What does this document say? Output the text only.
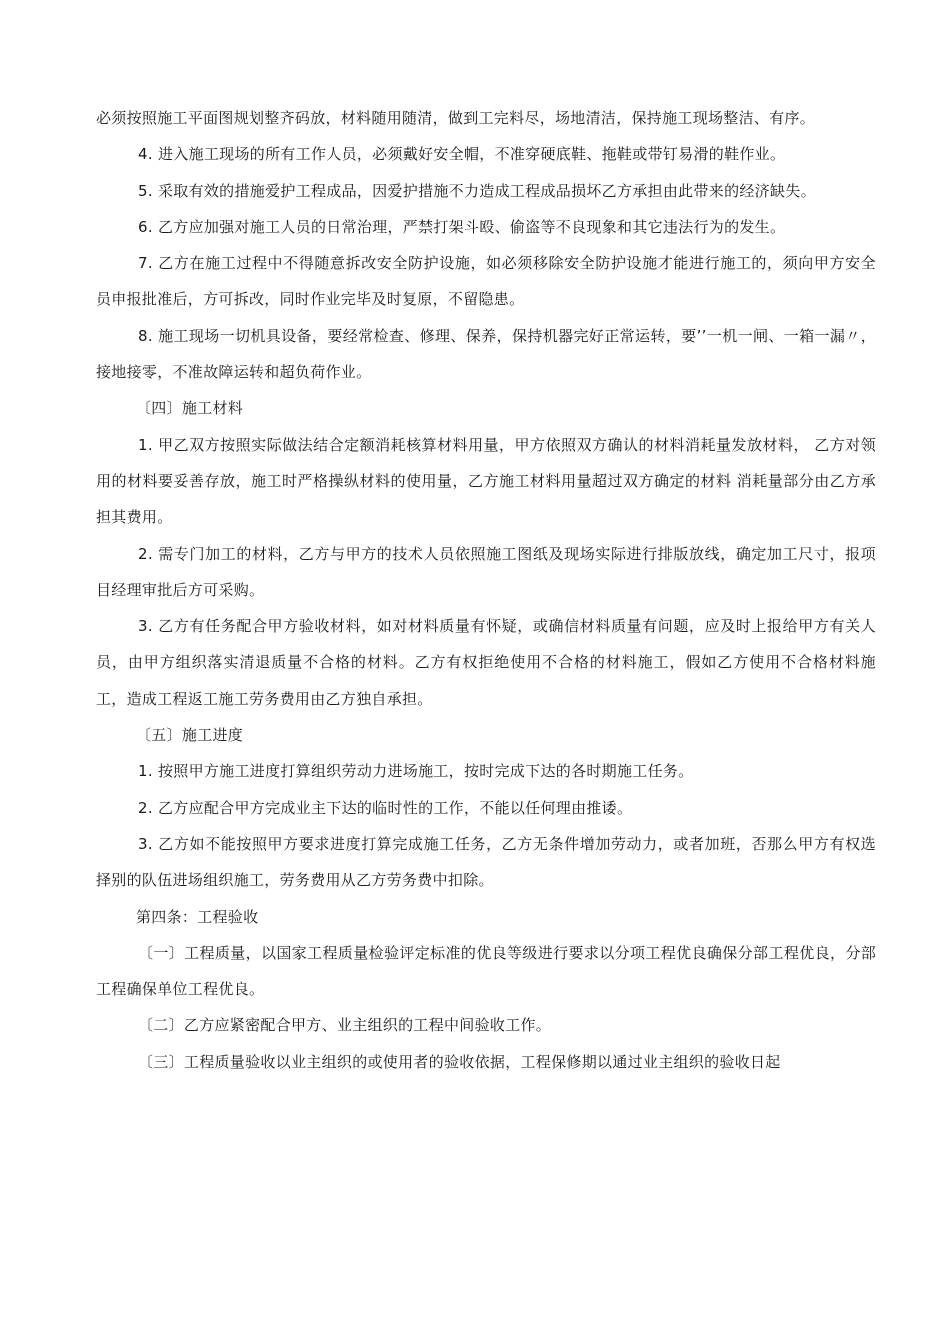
必须按照施工平面图规划整齐码放，材料随用随清，做到工完料尽，场地清洁，保持施工现场整洁、有序。

4. 进入施工现场的所有工作人员，必须戴好安全帽，不准穿硬底鞋、拖鞋或带钉易滑的鞋作业。

5. 采取有效的措施爱护工程成品，因爱护措施不力造成工程成品损坏乙方承担由此带来的经济缺失。

6. 乙方应加强对施工人员的日常治理，严禁打架斗殴、偷盗等不良现象和其它违法行为的发生。

7. 乙方在施工过程中不得随意拆改安全防护设施，如必须移除安全防护设施才能进行施工的，须向甲方安全员申报批准后，方可拆改，同时作业完毕及时复原，不留隐患。

8. 施工现场一切机具设备，要经常检查、修理、保养，保持机器完好正常运转，要’’一机一闸、一箱一漏〃，接地接零，不准故障运转和超负荷作业。

〔四〕施工材料

1. 甲乙双方按照实际做法结合定额消耗核算材料用量，甲方依照双方确认的材料消耗量发放材料， 乙方对领用的材料要妥善存放，施工时严格操纵材料的使用量，乙方施工材料用量超过双方确定的材料 消耗量部分由乙方承担其费用。

2. 需专门加工的材料，乙方与甲方的技术人员依照施工图纸及现场实际进行排版放线，确定加工尺寸，报项目经理审批后方可采购。

3. 乙方有任务配合甲方验收材料，如对材料质量有怀疑，或确信材料质量有问题，应及时上报给甲方有关人员，由甲方组织落实清退质量不合格的材料。乙方有权拒绝使用不合格的材料施工，假如乙方使用不合格材料施工，造成工程返工施工劳务费用由乙方独自承担。

〔五〕施工进度

1. 按照甲方施工进度打算组织劳动力进场施工，按时完成下达的各时期施工任务。

2. 乙方应配合甲方完成业主下达的临时性的工作，不能以任何理由推诿。

3. 乙方如不能按照甲方要求进度打算完成施工任务，乙方无条件增加劳动力，或者加班，否那么甲方有权选择别的队伍进场组织施工，劳务费用从乙方劳务费中扣除。

第四条：工程验收

〔一〕工程质量，以国家工程质量检验评定标准的优良等级进行要求以分项工程优良确保分部工程优良，分部工程确保单位工程优良。

〔二〕乙方应紧密配合甲方、业主组织的工程中间验收工作。

〔三〕工程质量验收以业主组织的或使用者的验收依据，工程保修期以通过业主组织的验收日起
